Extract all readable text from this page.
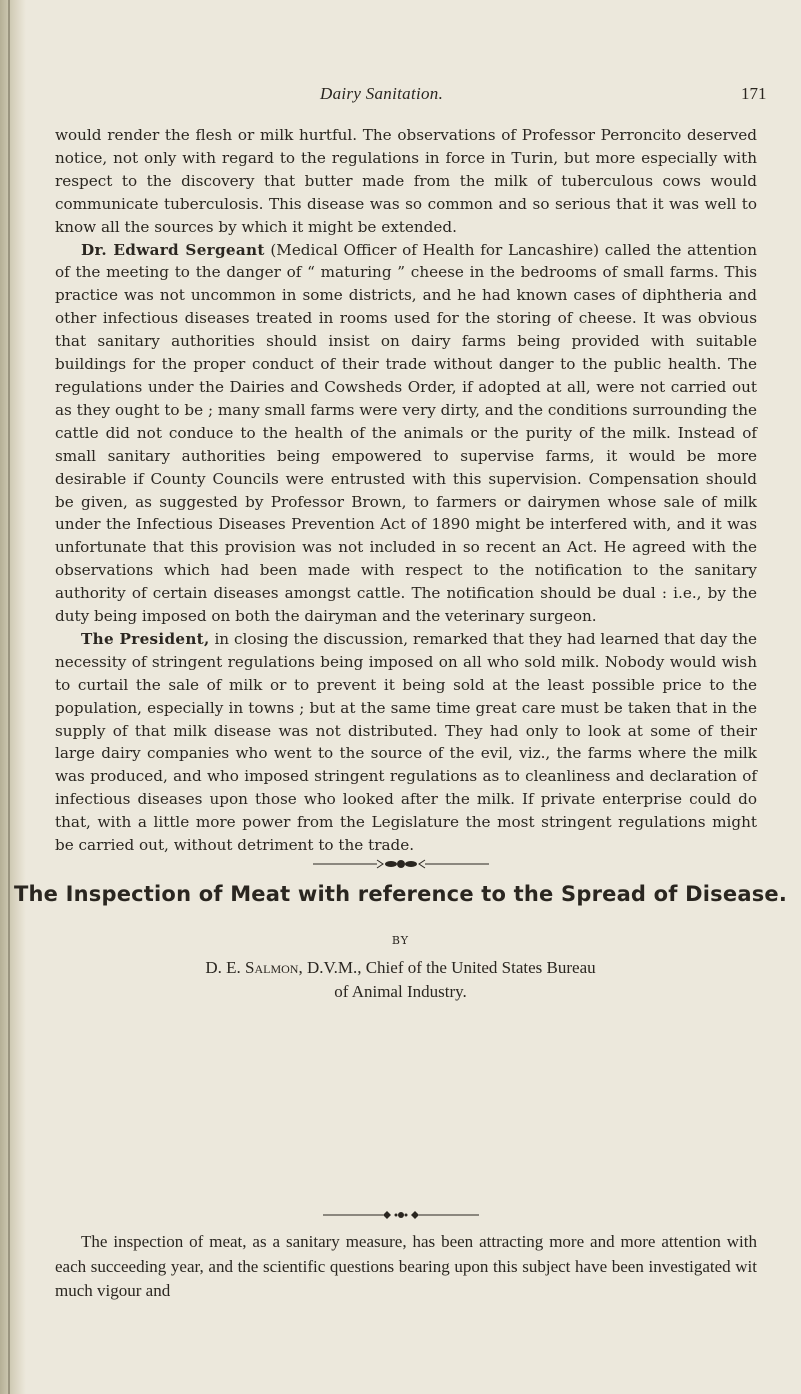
Dairy Sanitation.	171

would render the flesh or milk hurtful. The observations of Professor Perroncito deserved notice, not only with regard to the regulations in force in Turin, but more especially with respect to the discovery that butter made from the milk of tuberculous cows would communicate tuberculosis. This disease was so common and so serious that it was well to know all the sources by which it might be extended.

Dr. Edward Sergeant (Medical Officer of Health for Lancashire) called the attention of the meeting to the danger of “ maturing ” cheese in the bedrooms of small farms. This practice was not uncommon in some districts, and he had known cases of diphtheria and other infectious diseases treated in rooms used for the storing of cheese. It was obvious that sanitary authorities should insist on dairy farms being provided with suitable buildings for the proper conduct of their trade without danger to the public health. The regulations under the Dairies and Cowsheds Order, if adopted at all, were not carried out as they ought to be ; many small farms were very dirty, and the conditions surrounding the cattle did not conduce to the health of the animals or the purity of the milk. Instead of small sanitary authorities being empowered to supervise farms, it would be more desirable if County Councils were entrusted with this supervision. Compensation should be given, as suggested by Professor Brown, to farmers or dairymen whose sale of milk under the Infectious Diseases Prevention Act of 1890 might be interfered with, and it was unfortunate that this provision was not included in so recent an Act. He agreed with the observations which had been made with respect to the notification to the sanitary authority of certain diseases amongst cattle. The notification should be dual : i.e., by the duty being imposed on both the dairyman and the veterinary surgeon.

The President, in closing the discussion, remarked that they had learned that day the necessity of stringent regulations being imposed on all who sold milk. Nobody would wish to curtail the sale of milk or to prevent it being sold at the least possible price to the population, especially in towns ; but at the same time great care must be taken that in the supply of that milk disease was not distributed. They had only to look at some of their large dairy companies who went to the source of the evil, viz., the farms where the milk was produced, and who imposed stringent regulations as to cleanliness and declaration of infectious diseases upon those who looked after the milk. If private enterprise could do that, with a little more power from the Legislature the most stringent regulations might be carried out, without detriment to the trade.

The Inspection of Meat with reference to the Spread of Disease.
BY
D. E. Salmon, D.V.M., Chief of the United States Bureau
of Animal Industry.

The inspection of meat, as a sanitary measure, has been attracting more and more attention with each succeeding year, and the scientific questions bearing upon this subject have been investigated wit much vigour and
